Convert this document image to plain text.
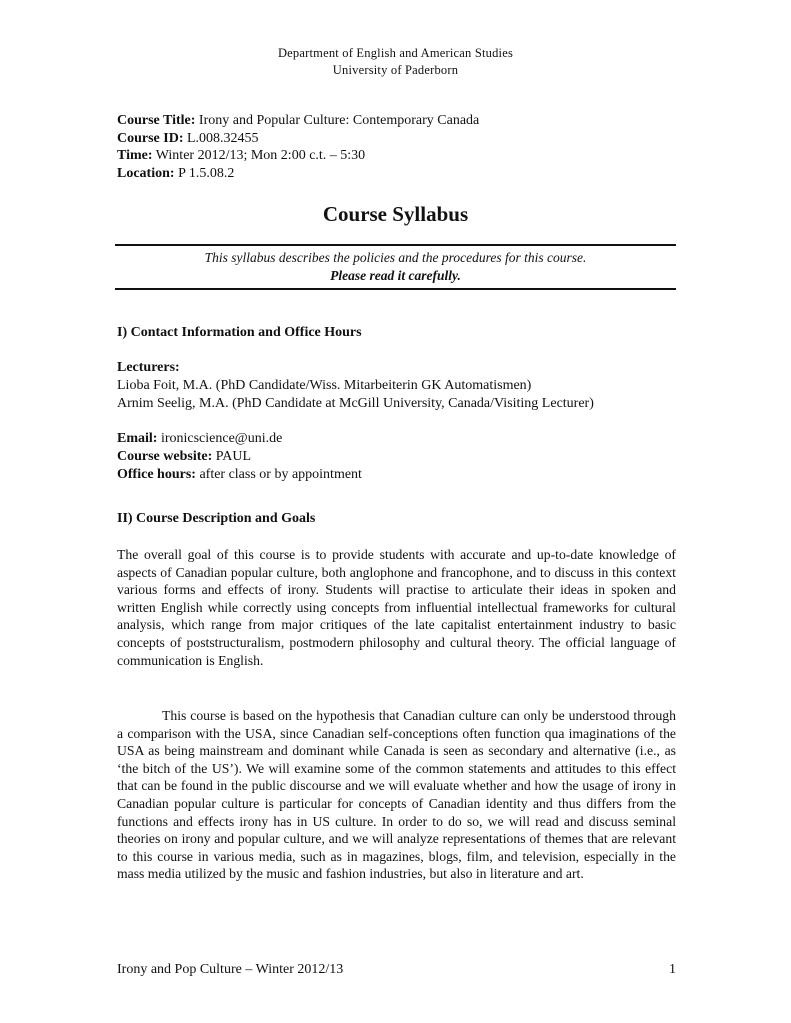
Department of English and American Studies
University of Paderborn
Course Title: Irony and Popular Culture: Contemporary Canada
Course ID: L.008.32455
Time: Winter 2012/13; Mon 2:00 c.t. – 5:30
Location: P 1.5.08.2
Course Syllabus
This syllabus describes the policies and the procedures for this course.
Please read it carefully.
I) Contact Information and Office Hours
Lecturers:
Lioba Foit, M.A. (PhD Candidate/Wiss. Mitarbeiterin GK Automatismen)
Arnim Seelig, M.A. (PhD Candidate at McGill University, Canada/Visiting Lecturer)
Email: ironicscience@uni.de
Course website: PAUL
Office hours: after class or by appointment
II) Course Description and Goals

The overall goal of this course is to provide students with accurate and up-to-date knowledge of aspects of Canadian popular culture, both anglophone and francophone, and to discuss in this context various forms and effects of irony. Students will practise to articulate their ideas in spoken and written English while correctly using concepts from influential intellectual frameworks for cultural analysis, which range from major critiques of the late capitalist entertainment industry to basic concepts of poststructuralism, postmodern philosophy and cultural theory. The official language of communication is English.

This course is based on the hypothesis that Canadian culture can only be understood through a comparison with the USA, since Canadian self-conceptions often function qua imaginations of the USA as being mainstream and dominant while Canada is seen as secondary and alternative (i.e., as ‘the bitch of the US’). We will examine some of the common statements and attitudes to this effect that can be found in the public discourse and we will evaluate whether and how the usage of irony in Canadian popular culture is particular for concepts of Canadian identity and thus differs from the functions and effects irony has in US culture. In order to do so, we will read and discuss seminal theories on irony and popular culture, and we will analyze representations of themes that are relevant to this course in various media, such as in magazines, blogs, film, and television, especially in the mass media utilized by the music and fashion industries, but also in literature and art.

Irony and Pop Culture – Winter 2012/13	1
